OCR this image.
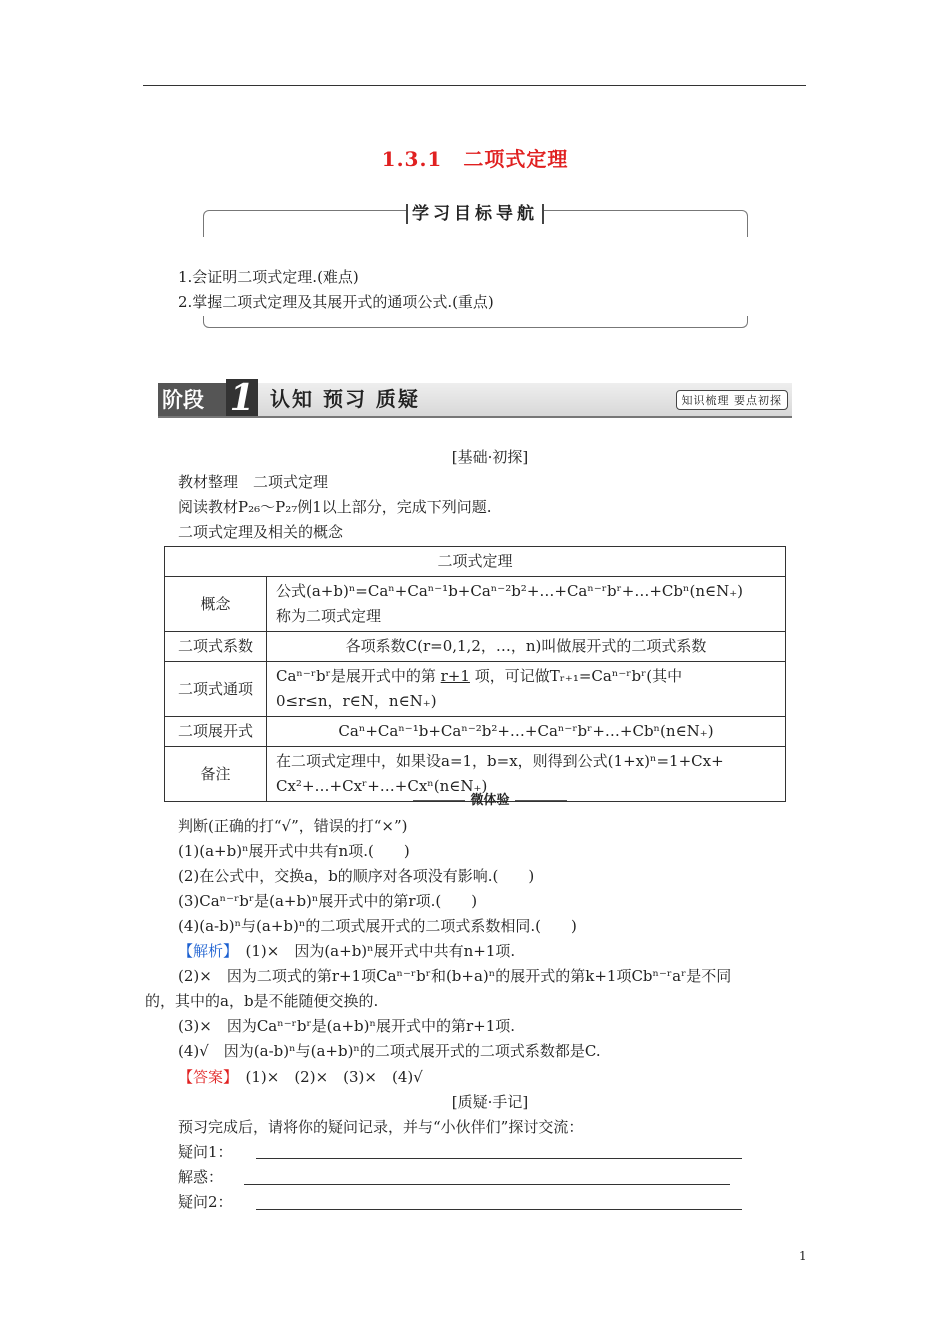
1.3.1　二项式定理
学习目标导航
1.会证明二项式定理.(难点)
2.掌握二项式定理及其展开式的通项公式.(重点)
阶段 1 认知 预习 质疑	知识梳理 要点初探
[基础·初探]
教材整理　二项式定理
阅读教材P₂₆～P₂₇例1以上部分，完成下列问题.
二项式定理及相关的概念
二项式定理	
概念	公式(a+b)ⁿ=Caⁿ+Caⁿ⁻¹b+Caⁿ⁻²b²+…+Caⁿ⁻ʳbʳ+…+Cbⁿ(n∈N₊)
称为二项式定理

二项式系数	各项系数C(r=0,1,2，…，n)叫做展开式的二项式系数
二项式通项	Caⁿ⁻ʳbʳ是展开式中的第 r+1 项，可记做Tᵣ₊₁=Caⁿ⁻ʳbʳ(其中
0≤r≤n，r∈N，n∈N₊)

二项展开式	Caⁿ+Caⁿ⁻¹b+Caⁿ⁻²b²+…+Caⁿ⁻ʳbʳ+…+Cbⁿ(n∈N₊)
备注	在二项式定理中，如果设a=1，b=x，则得到公式(1+x)ⁿ=1+Cx+
Cx²+…+Cxʳ+…+Cxⁿ(n∈N₊)
微体验
判断(正确的打“√”，错误的打“×”)
(1)(a+b)ⁿ展开式中共有n项.(　　)
(2)在公式中，交换a，b的顺序对各项没有影响.(　　)
(3)Caⁿ⁻ʳbʳ是(a+b)ⁿ展开式中的第r项.(　　)
(4)(a-b)ⁿ与(a+b)ⁿ的二项式展开式的二项式系数相同.(　　)
【解析】　(1)×　因为(a+b)ⁿ展开式中共有n+1项.
(2)×　因为二项式的第r+1项Caⁿ⁻ʳbʳ和(b+a)ⁿ的展开式的第k+1项Cbⁿ⁻ʳaʳ是不同
的，其中的a，b是不能随便交换的.
(3)×　因为Caⁿ⁻ʳbʳ是(a+b)ⁿ展开式中的第r+1项.
(4)√　因为(a-b)ⁿ与(a+b)ⁿ的二项式展开式的二项式系数都是C.
【答案】　(1)×　(2)×　(3)×　(4)√
[质疑·手记]
预习完成后，请将你的疑问记录，并与“小伙伴们”探讨交流：
疑问1：
解惑：
疑问2：
1
